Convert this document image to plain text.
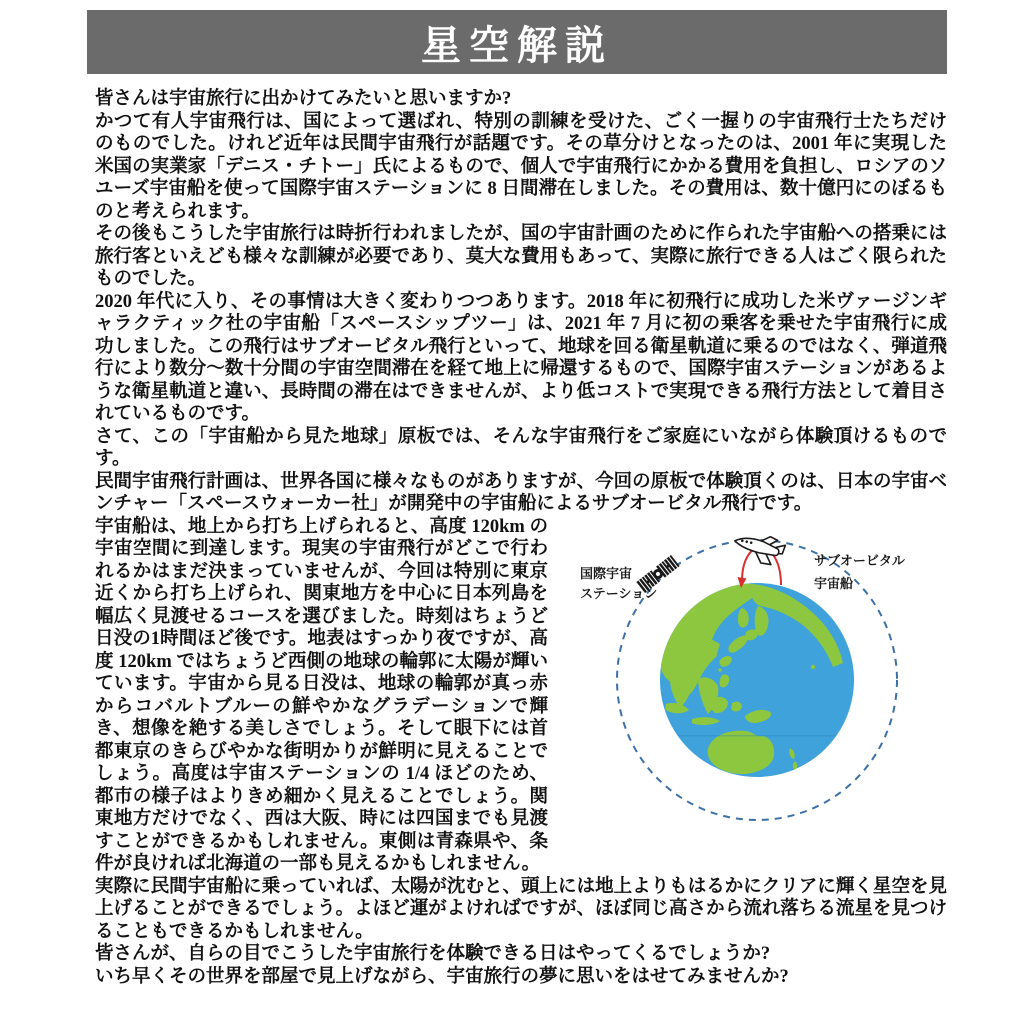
星空解説

皆さんは宇宙旅行に出かけてみたいと思いますか?

かつて有人宇宙飛行は、国によって選ばれ、特別の訓練を受けた、ごく一握りの宇宙飛行士たちだけのものでした。けれど近年は民間宇宙飛行が話題です。その草分けとなったのは、2001 年に実現した米国の実業家「デニス・チトー」氏によるもので、個人で宇宙飛行にかかる費用を負担し、ロシアのソユーズ宇宙船を使って国際宇宙ステーションに 8 日間滞在しました。その費用は、数十億円にのぼるものと考えられます。

その後もこうした宇宙旅行は時折行われましたが、国の宇宙計画のために作られた宇宙船への搭乗には旅行客といえども様々な訓練が必要であり、莫大な費用もあって、実際に旅行できる人はごく限られたものでした。

2020 年代に入り、その事情は大きく変わりつつあります。2018 年に初飛行に成功した米ヴァージンギャラクティック社の宇宙船「スペースシップツー」は、2021 年 7 月に初の乗客を乗せた宇宙飛行に成功しました。この飛行はサブオービタル飛行といって、地球を回る衛星軌道に乗るのではなく、弾道飛行により数分〜数十分間の宇宙空間滞在を経て地上に帰還するもので、国際宇宙ステーションがあるような衛星軌道と違い、長時間の滞在はできませんが、より低コストで実現できる飛行方法として着目されているものです。

さて、この「宇宙船から見た地球」原板では、そんな宇宙飛行をご家庭にいながら体験頂けるものです。

民間宇宙飛行計画は、世界各国に様々なものがありますが、今回の原板で体験頂くのは、日本の宇宙ベンチャー「スペースウォーカー社」が開発中の宇宙船によるサブオービタル飛行です。

国際宇宙
ステーション
サブオービタル
宇宙船

宇宙船は、地上から打ち上げられると、高度 120km の宇宙空間に到達します。現実の宇宙飛行がどこで行われるかはまだ決まっていませんが、今回は特別に東京近くから打ち上げられ、関東地方を中心に日本列島を幅広く見渡せるコースを選びました。時刻はちょうど日没の1時間ほど後です。地表はすっかり夜ですが、高度 120km ではちょうど西側の地球の輪郭に太陽が輝いています。宇宙から見る日没は、地球の輪郭が真っ赤からコバルトブルーの鮮やかなグラデーションで輝き、想像を絶する美しさでしょう。そして眼下には首都東京のきらびやかな街明かりが鮮明に見えることでしょう。高度は宇宙ステーションの 1/4 ほどのため、都市の様子はよりきめ細かく見えることでしょう。関東地方だけでなく、西は大阪、時には四国までも見渡すことができるかもしれません。東側は青森県や、条件が良ければ北海道の一部も見えるかもしれません。

実際に民間宇宙船に乗っていれば、太陽が沈むと、頭上には地上よりもはるかにクリアに輝く星空を見上げることができるでしょう。よほど運がよければですが、ほぼ同じ高さから流れ落ちる流星を見つけることもできるかもしれません。

皆さんが、自らの目でこうした宇宙旅行を体験できる日はやってくるでしょうか?

いち早くその世界を部屋で見上げながら、宇宙旅行の夢に思いをはせてみませんか?
